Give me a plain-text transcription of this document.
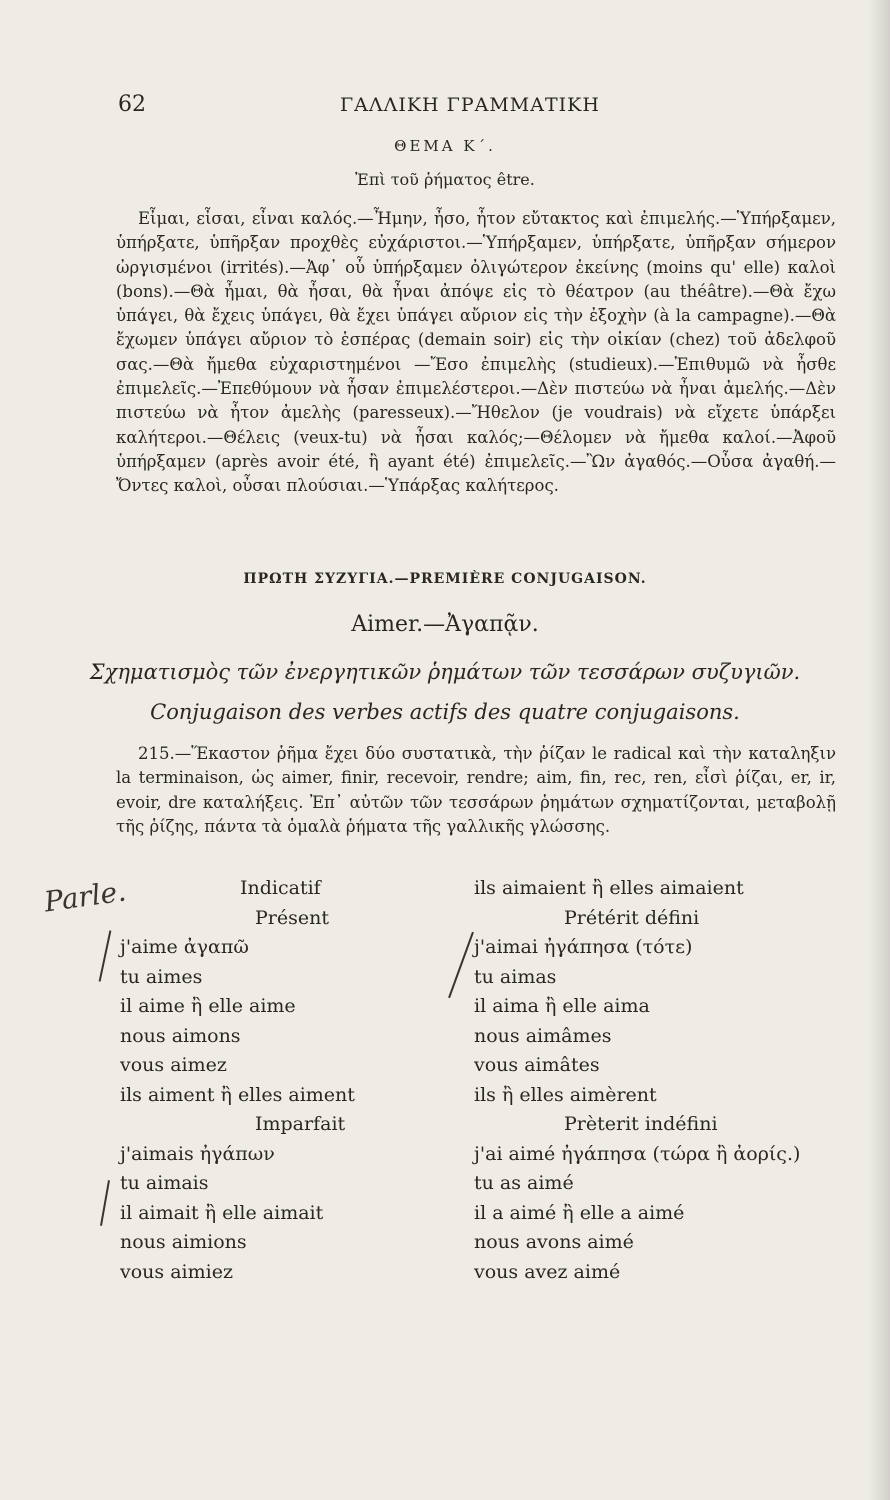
62	ΓΑΛΛΙΚΗ ΓΡΑΜΜΑΤΙΚΗ
ΘΕΜΑ Κ΄.
Ἐπὶ τοῦ ῥήματος être.
Εἶμαι, εἶσαι, εἶναι καλός.—Ἦμην, ἦσο, ἦτον εὔτακτος καὶ ἐπιμελής.—Ὑπήρξαμεν, ὑπήρξατε, ὑπῆρξαν πρoχθὲς εὐχάριστοι.—Ὑπήρξαμεν, ὑπήρξατε, ὑπῆρξαν σήμερον ὠργισμένοι (irrités).—Ἀφ᾽ οὗ ὑπήρξαμεν ὀλιγώτερον ἐκείνης (moins qu' elle) καλοὶ (bons).—Θὰ ἦμαι, θὰ ἦσαι, θὰ ἦναι ἀπόψε εἰς τὸ θέατρον (au théâtre).—Θὰ ἔχω ὑπάγει, θὰ ἔχεις ὑπάγει, θὰ ἔχει ὑπάγει αὔριον εἰς τὴν ἐξοχὴν (à la campagne).—Θὰ ἔχωμεν ὑπάγει αὔριον τὸ ἑσπέρας (demain soir) εἰς τὴν οἰκίαν (chez) τοῦ ἀδελφοῦ σας.—Θὰ ἤμεθα εὐχαριστημένοι —Ἔσο ἐπιμελὴς (studieux).—Ἐπιθυμῶ νὰ ἦσθε ἐπιμελεῖς.—Ἐπεθύμουν νὰ ἦσαν ἐπιμελέστεροι.—Δὲν πιστεύω νὰ ἦναι ἀμελής.—Δὲν πιστεύω νὰ ἦτον ἀμελὴς (paresseux).—Ἤθελον (je voudrais) νὰ εἴχετε ὑπάρξει καλήτεροι.—Θέλεις (veux-tu) νὰ ἦσαι καλός;—Θέλομεν νὰ ἤμεθα καλοί.—Ἀφοῦ ὑπήρξαμεν (après avoir été, ἢ ayant été) ἐπιμελεῖς.—Ὢν ἀγαθός.—Οὖσα ἀγαθή.—Ὄντες καλοὶ, οὖσαι πλούσιαι.—Ὑπάρξας καλήτερος.
ΠΡΩΤΗ ΣΥΖΥΓΙΑ.—PREMIÈRE CONJUGAISON.
Aimer.—Ἀγαπᾷν.
Σχηματισμὸς τῶν ἐνεργητικῶν ῥημάτων τῶν τεσσάρων συζυγιῶν.
Conjugaison des verbes actifs des quatre conjugaisons.
215.—Ἕκαστον ῥῆμα ἔχει δύο συστατικὰ, τὴν ῥίζαν le radical καὶ τὴν καταληξιν la terminaison, ὡς aimer, finir, recevoir, rendre; aim, fin, rec, ren, εἶσὶ ῥίζαι, er, ir, evoir, dre καταλήξεις. Ἐπ᾽ αὐτῶν τῶν τεσσάρων ῥημάτων σχηματίζονται, μεταβολῇ τῆς ῥίζης, πάντα τὰ ὁμαλὰ ῥήματα τῆς γαλλικῆς γλώσσης.
Parle.	Indicatif
Présent
j'aime ἀγαπῶ
tu aimes
il aime ἢ elle aime
nous aimons
vous aimez
ils aiment ἢ elles aiment
Imparfait
j'aimais ἠγάπων
tu aimais
il aimait ἢ elle aimait
nous aimions
vous aimiez
ils aimaient ἢ elles aimaient
Prétérit défini
j'aimai ἠγάπησα (τότε)
tu aimas
il aima ἢ elle aima
nous aimâmes
vous aimâtes
ils ἢ elles aimèrent
Prèterit indéfini
j'ai aimé ἠγάπησα (τώρα ἢ ἀορίς.)
tu as aimé
il a aimé ἢ elle a aimé
nous avons aimé
vous avez aimé
